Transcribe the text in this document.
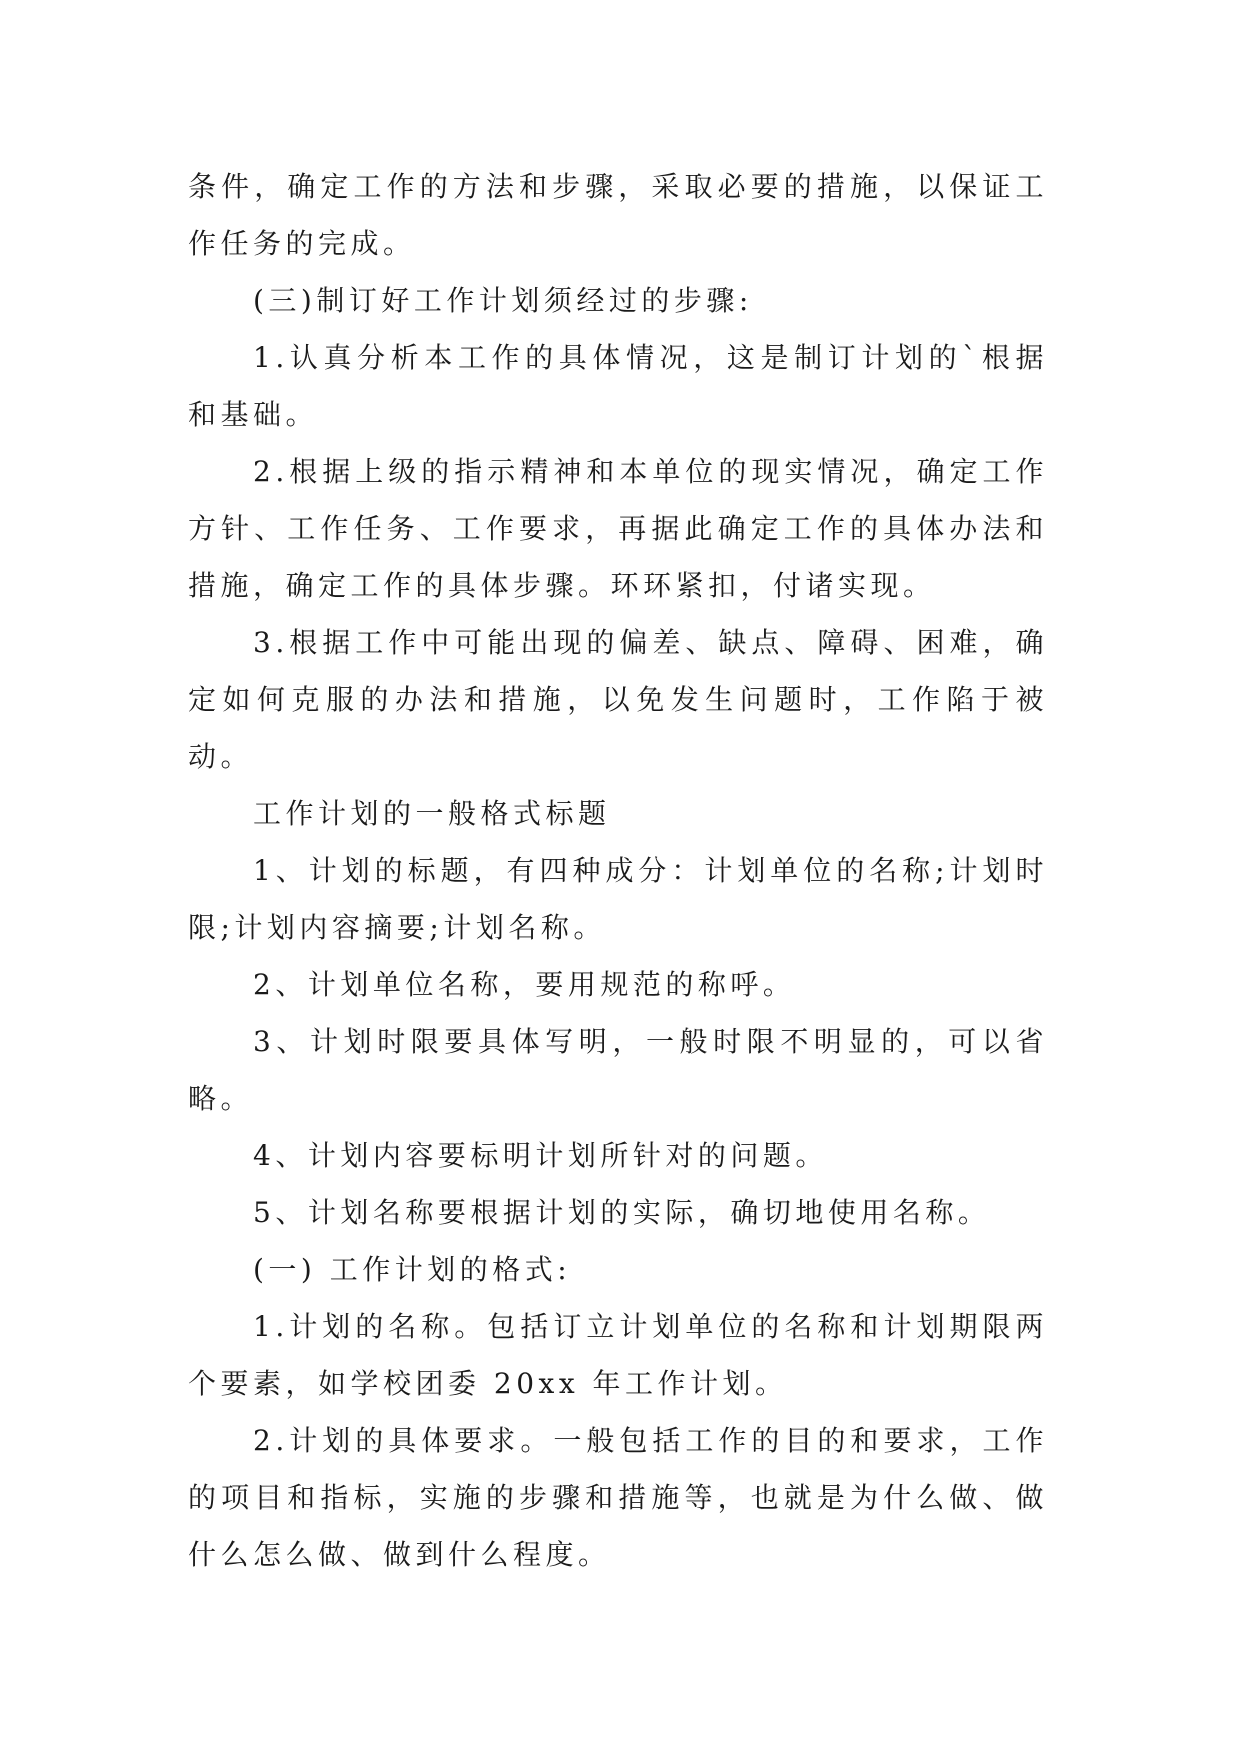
条件，确定工作的方法和步骤，采取必要的措施，以保证工作任务的完成。

(三)制订好工作计划须经过的步骤:

1.认真分析本工作的具体情况，这是制订计划的`根据和基础。

2.根据上级的指示精神和本单位的现实情况，确定工作方针、工作任务、工作要求，再据此确定工作的具体办法和措施，确定工作的具体步骤。环环紧扣，付诸实现。

3.根据工作中可能出现的偏差、缺点、障碍、困难，确定如何克服的办法和措施，以免发生问题时，工作陷于被动。

工作计划的一般格式标题

1、计划的标题，有四种成分：计划单位的名称;计划时限;计划内容摘要;计划名称。

2、计划单位名称，要用规范的称呼。

3、计划时限要具体写明，一般时限不明显的，可以省略。

4、计划内容要标明计划所针对的问题。

5、计划名称要根据计划的实际，确切地使用名称。

(一) 工作计划的格式:

1.计划的名称。包括订立计划单位的名称和计划期限两个要素，如学校团委 20xx 年工作计划。

2.计划的具体要求。一般包括工作的目的和要求，工作的项目和指标，实施的步骤和措施等，也就是为什么做、做什么怎么做、做到什么程度。
